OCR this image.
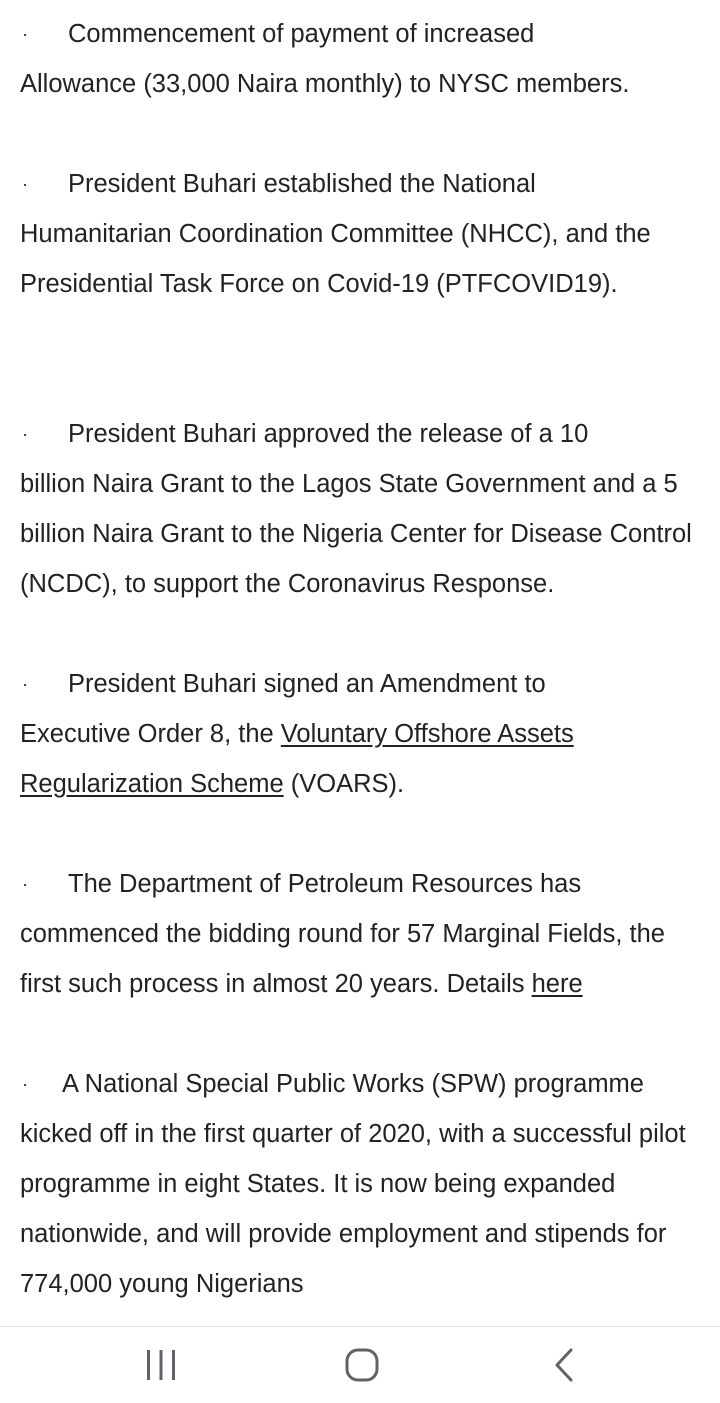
· Commencement of payment of increased
Allowance (33,000 Naira monthly) to NYSC members.

· President Buhari established the National
Humanitarian Coordination Committee (NHCC), and the Presidential Task Force on Covid-19 (PTFCOVID19).

· President Buhari approved the release of a 10
billion Naira Grant to the Lagos State Government and a 5 billion Naira Grant to the Nigeria Center for Disease Control (NCDC), to support the Coronavirus Response.

· President Buhari signed an Amendment to
Executive Order 8, the Voluntary Offshore Assets Regularization Scheme (VOARS).

· The Department of Petroleum Resources has
commenced the bidding round for 57 Marginal Fields, the first such process in almost 20 years. Details here

· A National Special Public Works (SPW) programme
kicked off in the first quarter of 2020, with a successful pilot programme in eight States. It is now being expanded nationwide, and will provide employment and stipends for 774,000 young Nigerians
